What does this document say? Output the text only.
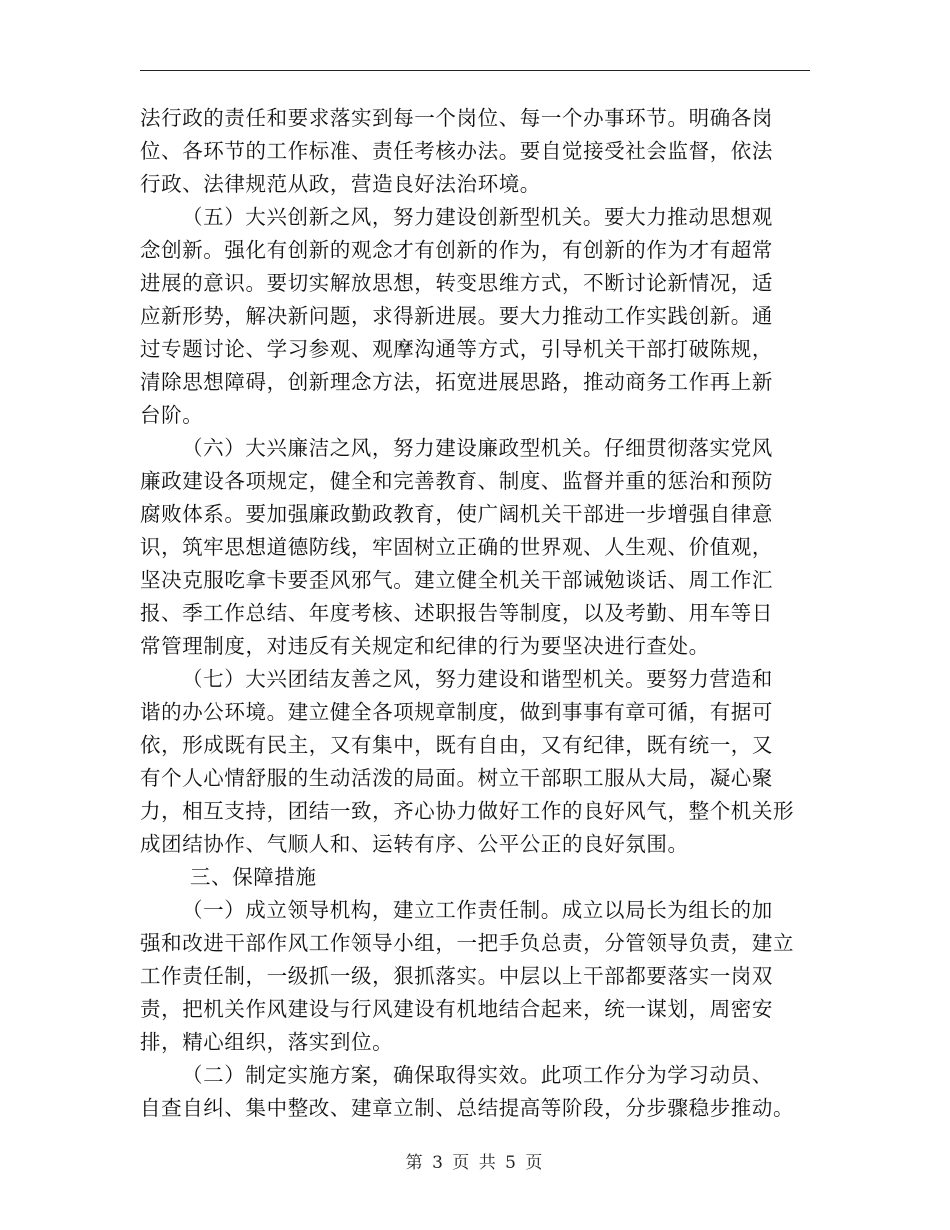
法行政的责任和要求落实到每一个岗位、每一个办事环节。明确各岗
位、各环节的工作标准、责任考核办法。要自觉接受社会监督，依法
行政、法律规范从政，营造良好法治环境。
（五）大兴创新之风，努力建设创新型机关。要大力推动思想观
念创新。强化有创新的观念才有创新的作为，有创新的作为才有超常
进展的意识。要切实解放思想，转变思维方式，不断讨论新情况，适
应新形势，解决新问题，求得新进展。要大力推动工作实践创新。通
过专题讨论、学习参观、观摩沟通等方式，引导机关干部打破陈规，
清除思想障碍，创新理念方法，拓宽进展思路，推动商务工作再上新
台阶。
（六）大兴廉洁之风，努力建设廉政型机关。仔细贯彻落实党风
廉政建设各项规定，健全和完善教育、制度、监督并重的惩治和预防
腐败体系。要加强廉政勤政教育，使广阔机关干部进一步增强自律意
识，筑牢思想道德防线，牢固树立正确的世界观、人生观、价值观，
坚决克服吃拿卡要歪风邪气。建立健全机关干部诫勉谈话、周工作汇
报、季工作总结、年度考核、述职报告等制度，以及考勤、用车等日
常管理制度，对违反有关规定和纪律的行为要坚决进行查处。
（七）大兴团结友善之风，努力建设和谐型机关。要努力营造和
谐的办公环境。建立健全各项规章制度，做到事事有章可循，有据可
依，形成既有民主，又有集中，既有自由，又有纪律，既有统一，又
有个人心情舒服的生动活泼的局面。树立干部职工服从大局，凝心聚
力，相互支持，团结一致，齐心协力做好工作的良好风气，整个机关形
成团结协作、气顺人和、运转有序、公平公正的良好氛围。
三、保障措施
（一）成立领导机构，建立工作责任制。成立以局长为组长的加
强和改进干部作风工作领导小组，一把手负总责，分管领导负责，建立
工作责任制，一级抓一级，狠抓落实。中层以上干部都要落实一岗双
责，把机关作风建设与行风建设有机地结合起来，统一谋划，周密安
排，精心组织，落实到位。
（二）制定实施方案，确保取得实效。此项工作分为学习动员、
自查自纠、集中整改、建章立制、总结提高等阶段，分步骤稳步推动。
第 3 页 共 5 页
